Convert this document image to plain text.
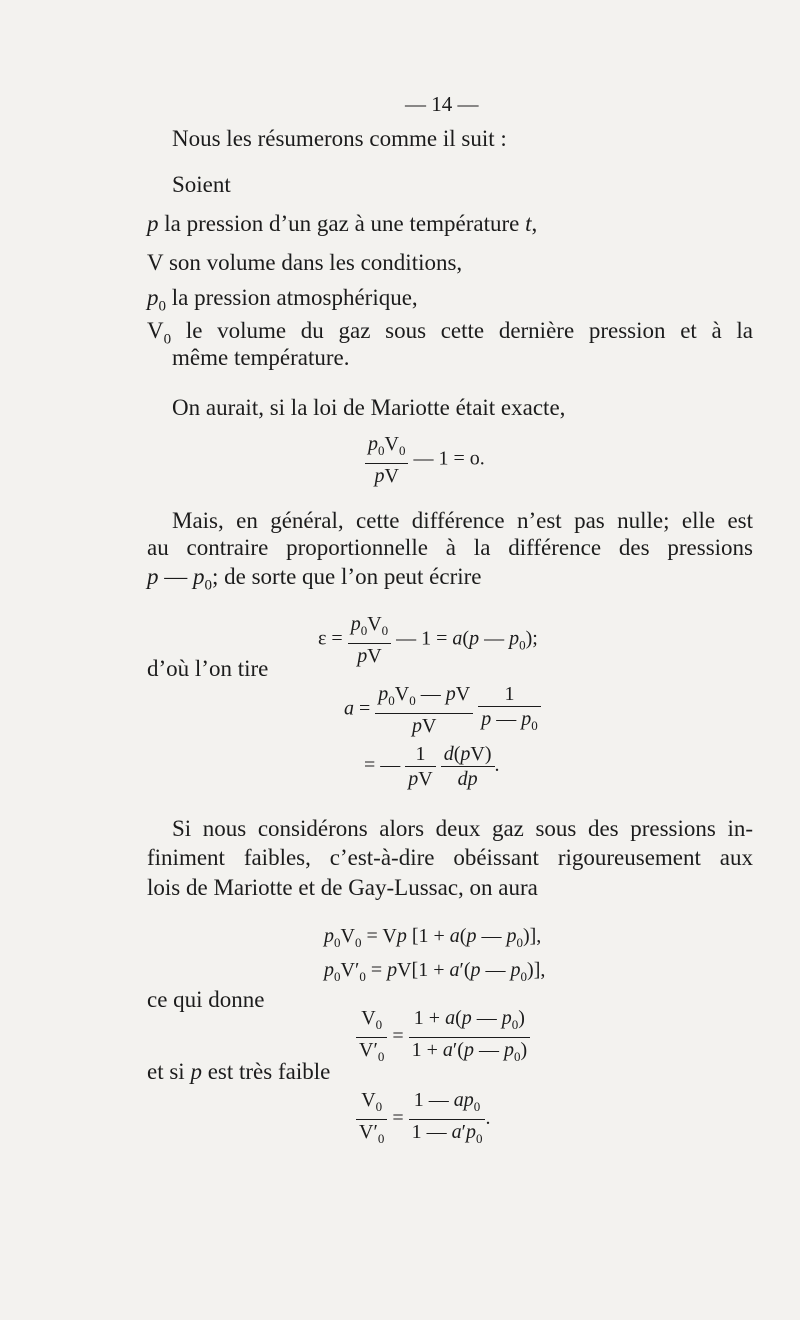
— 14 —
Nous les résumerons comme il suit :
Soient
p la pression d’un gaz à une température t,
V son volume dans les conditions,
$p_0$ la pression atmosphérique,
$V_0$ le volume du gaz sous cette dernière pression et à la
même température.
On aurait, si la loi de Mariotte était exacte,
$\frac{p_0V_0}{pV}$ — 1 = o.
Mais, en général, cette différence n’est pas nulle; elle est
au contraire proportionnelle à la différence des pressions
p — $p_0$; de sorte que l’on peut écrire
$\varepsilon = \frac{p_0V_0}{pV}$ — 1 = a(p — $p_0$);
d’où l’on tire
$a = \frac{p_0V_0 — pV}{pV}$
$\frac{1}{p — p_0}$
= — $\frac{1}{pV}$
$\frac{d(pV)}{dp}$ .
Si nous considérons alors deux gaz sous des pressions in-
finiment faibles, c’est-à-dire obéissant rigoureusement aux
lois de Mariotte et de Gay-Lussac, on aura
$p_0V_0 = Vp$ [1 + a(p — $p_0$)],
$p_0V'_0 = pV[1 + a'(p$ — $p_0$)],
ce qui donne
$\frac{V_0}{V'_0} = \frac{1 + a(p — p_0)}{1 + a'(p — p_0)}$
et si p est très faible
$\frac{V_0}{V'_0} = \frac{1 — ap_0}{1 — a'p_0}$ .
